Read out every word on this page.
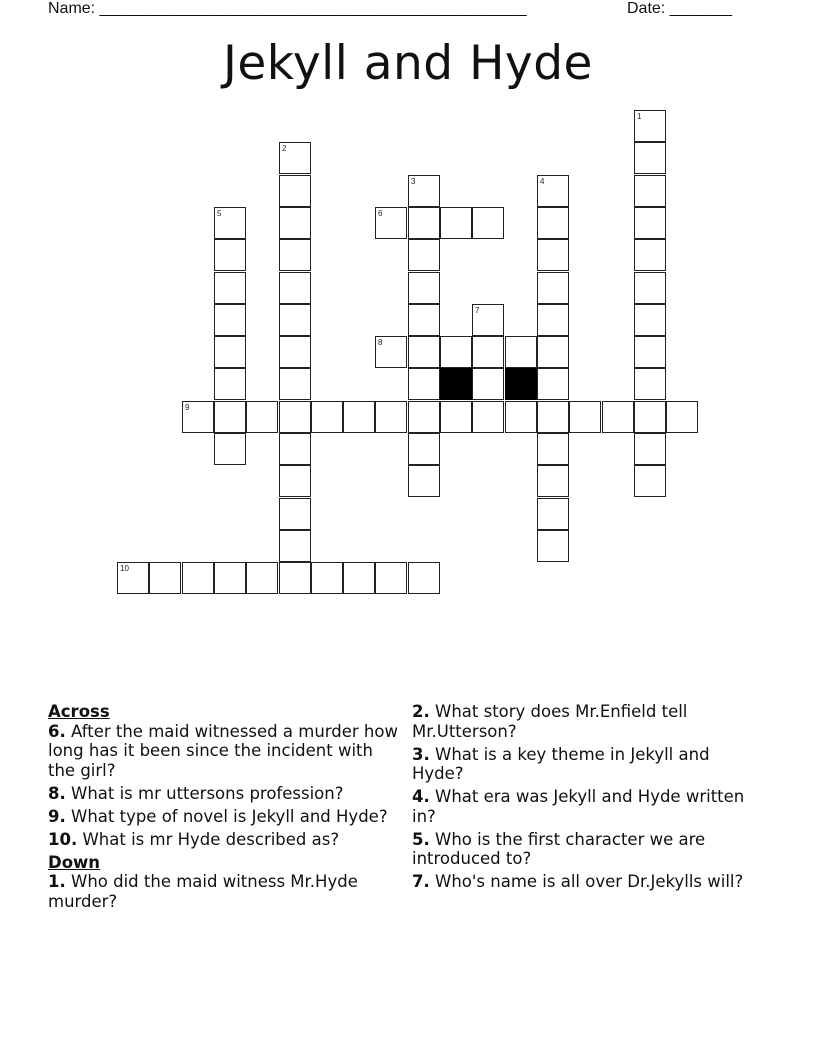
Name: ________________________________________________	Date: _______
Jekyll and Hyde
1
2
3	4
5	6
7
8
9
10
Across
6. After the maid witnessed a murder how long has it been since the incident with the girl?
8. What is mr uttersons profession?
9. What type of novel is Jekyll and Hyde?
10. What is mr Hyde described as?
Down
1. Who did the maid witness Mr.Hyde murder?
2. What story does Mr.Enfield tell Mr.Utterson?
3. What is a key theme in Jekyll and Hyde?
4. What era was Jekyll and Hyde written in?
5. Who is the first character we are introduced to?
7. Who's name is all over Dr.Jekylls will?
